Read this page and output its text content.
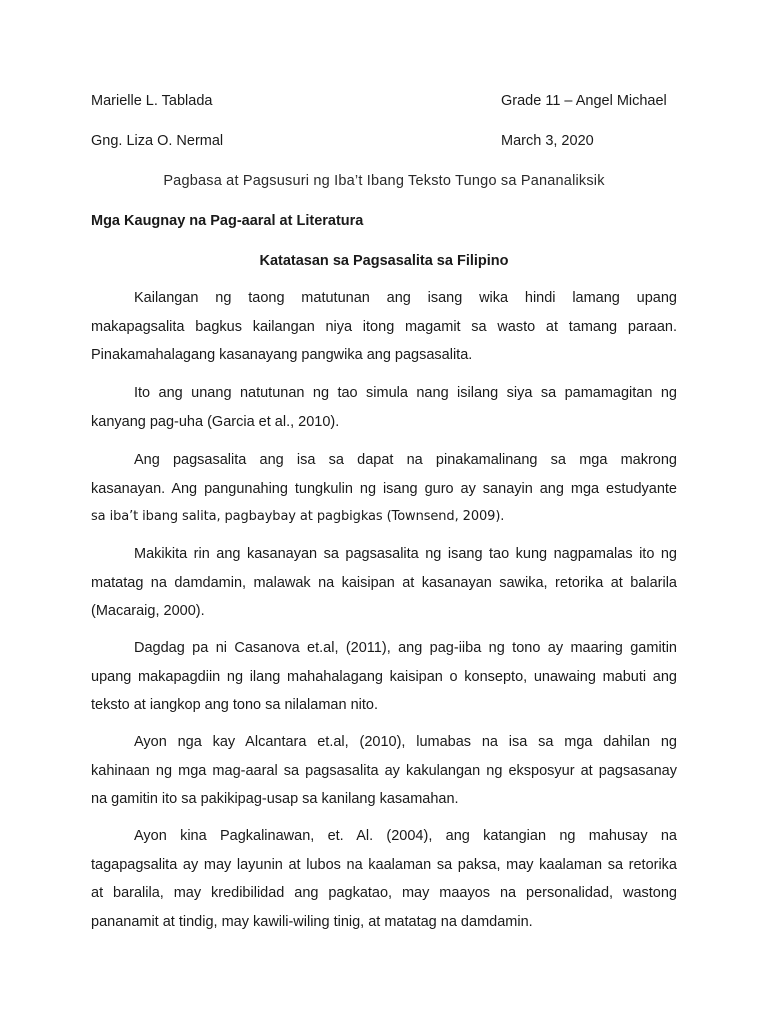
Marielle L. Tablada	Grade 11 – Angel Michael
Gng. Liza O. Nermal	March 3, 2020
Pagbasa at Pagsusuri ng Iba’t Ibang Teksto Tungo sa Pananaliksik
Mga Kaugnay na Pag-aaral at Literatura
Katatasan sa Pagsasalita sa Filipino
Kailangan ng taong matutunan ang isang wika hindi lamang upang
makapagsalita bagkus kailangan niya itong magamit sa wasto at tamang paraan.
Pinakamahalagang kasanayang pangwika ang pagsasalita.
Ito ang unang natutunan ng tao simula nang isilang siya sa pamamagitan ng
kanyang pag-uha (Garcia et al., 2010).
Ang pagsasalita ang isa sa dapat na pinakamalinang sa mga makrong
kasanayan. Ang pangunahing tungkulin ng isang guro ay sanayin ang mga estudyante
sa iba’t ibang salita, pagbaybay at pagbigkas (Townsend, 2009).
Makikita rin ang kasanayan sa pagsasalita ng isang tao kung nagpamalas ito ng
matatag na damdamin, malawak na kaisipan at kasanayan sawika, retorika at balarila
(Macaraig, 2000).
Dagdag pa ni Casanova et.al, (2011), ang pag-iiba ng tono ay maaring gamitin
upang makapagdiin ng ilang mahahalagang kaisipan o konsepto, unawaing mabuti ang
teksto at iangkop ang tono sa nilalaman nito.
Ayon nga kay Alcantara et.al, (2010), lumabas na isa sa mga dahilan ng
kahinaan ng mga mag-aaral sa pagsasalita ay kakulangan ng eksposyur at pagsasanay
na gamitin ito sa pakikipag-usap sa kanilang kasamahan.
Ayon kina Pagkalinawan, et. Al. (2004), ang katangian ng mahusay na
tagapagsalita ay may layunin at lubos na kaalaman sa paksa, may kaalaman sa retorika
at baralila, may kredibilidad ang pagkatao, may maayos na personalidad, wastong
pananamit at tindig, may kawili-wiling tinig, at matatag na damdamin.
